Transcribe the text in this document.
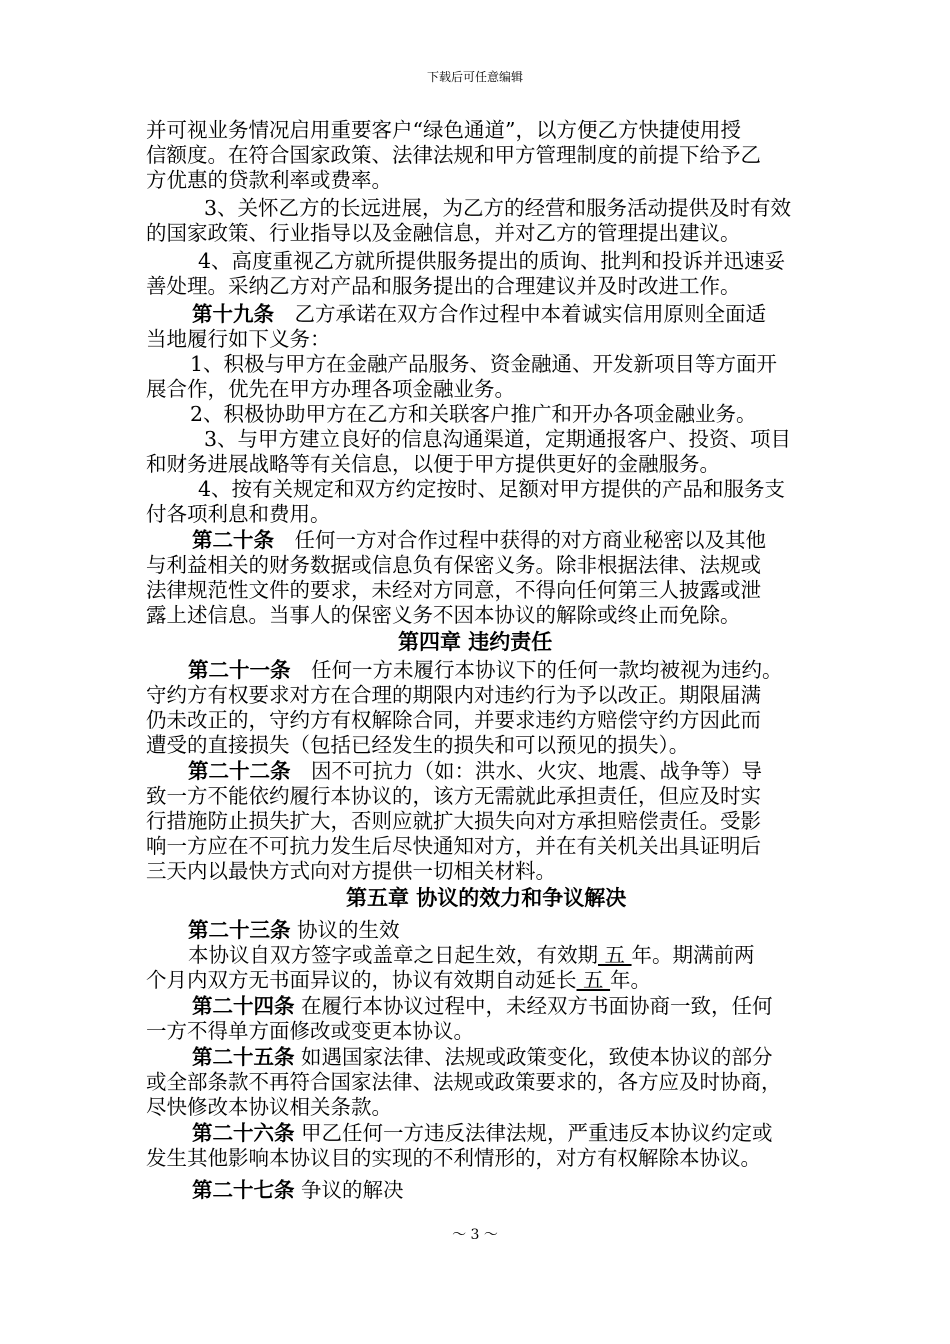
下载后可任意编辑
并可视业务情况启用重要客户“绿色通道”，以方便乙方快捷使用授
信额度。在符合国家政策、法律法规和甲方管理制度的前提下给予乙
方优惠的贷款利率或费率。
3、关怀乙方的长远进展，为乙方的经营和服务活动提供及时有效
的国家政策、行业指导以及金融信息，并对乙方的管理提出建议。
4、高度重视乙方就所提供服务提出的质询、批判和投诉并迅速妥
善处理。采纳乙方对产品和服务提出的合理建议并及时改进工作。
第十九条　 乙方承诺在双方合作过程中本着诚实信用原则全面适
当地履行如下义务：
1、积极与甲方在金融产品服务、资金融通、开发新项目等方面开
展合作，优先在甲方办理各项金融业务。
2、积极协助甲方在乙方和关联客户推广和开办各项金融业务。
3、与甲方建立良好的信息沟通渠道，定期通报客户、投资、项目
和财务进展战略等有关信息，以便于甲方提供更好的金融服务。
4、按有关规定和双方约定按时、足额对甲方提供的产品和服务支
付各项利息和费用。
第二十条　 任何一方对合作过程中获得的对方商业秘密以及其他
与利益相关的财务数据或信息负有保密义务。除非根据法律、法规或
法律规范性文件的要求，未经对方同意，不得向任何第三人披露或泄
露上述信息。当事人的保密义务不因本协议的解除或终止而免除。
第四章 违约责任
第二十一条　 任何一方未履行本协议下的任何一款均被视为违约。
守约方有权要求对方在合理的期限内对违约行为予以改正。期限届满
仍未改正的，守约方有权解除合同，并要求违约方赔偿守约方因此而
遭受的直接损失（包括已经发生的损失和可以预见的损失）。
第二十二条　 因不可抗力（如：洪水、火灾、地震、战争等）导
致一方不能依约履行本协议的，该方无需就此承担责任，但应及时实
行措施防止损失扩大，否则应就扩大损失向对方承担赔偿责任。受影
响一方应在不可抗力发生后尽快通知对方，并在有关机关出具证明后
三天内以最快方式向对方提供一切相关材料。
第五章 协议的效力和争议解决
第二十三条 协议的生效
本协议自双方签字或盖章之日起生效，有效期 五 年。期满前两
个月内双方无书面异议的，协议有效期自动延长 五 年。
第二十四条 在履行本协议过程中，未经双方书面协商一致，任何
一方不得单方面修改或变更本协议。
第二十五条 如遇国家法律、法规或政策变化，致使本协议的部分
或全部条款不再符合国家法律、法规或政策要求的，各方应及时协商，
尽快修改本协议相关条款。
第二十六条 甲乙任何一方违反法律法规，严重违反本协议约定或
发生其他影响本协议目的实现的不利情形的，对方有权解除本协议。
第二十七条 争议的解决
～ 3 ～
